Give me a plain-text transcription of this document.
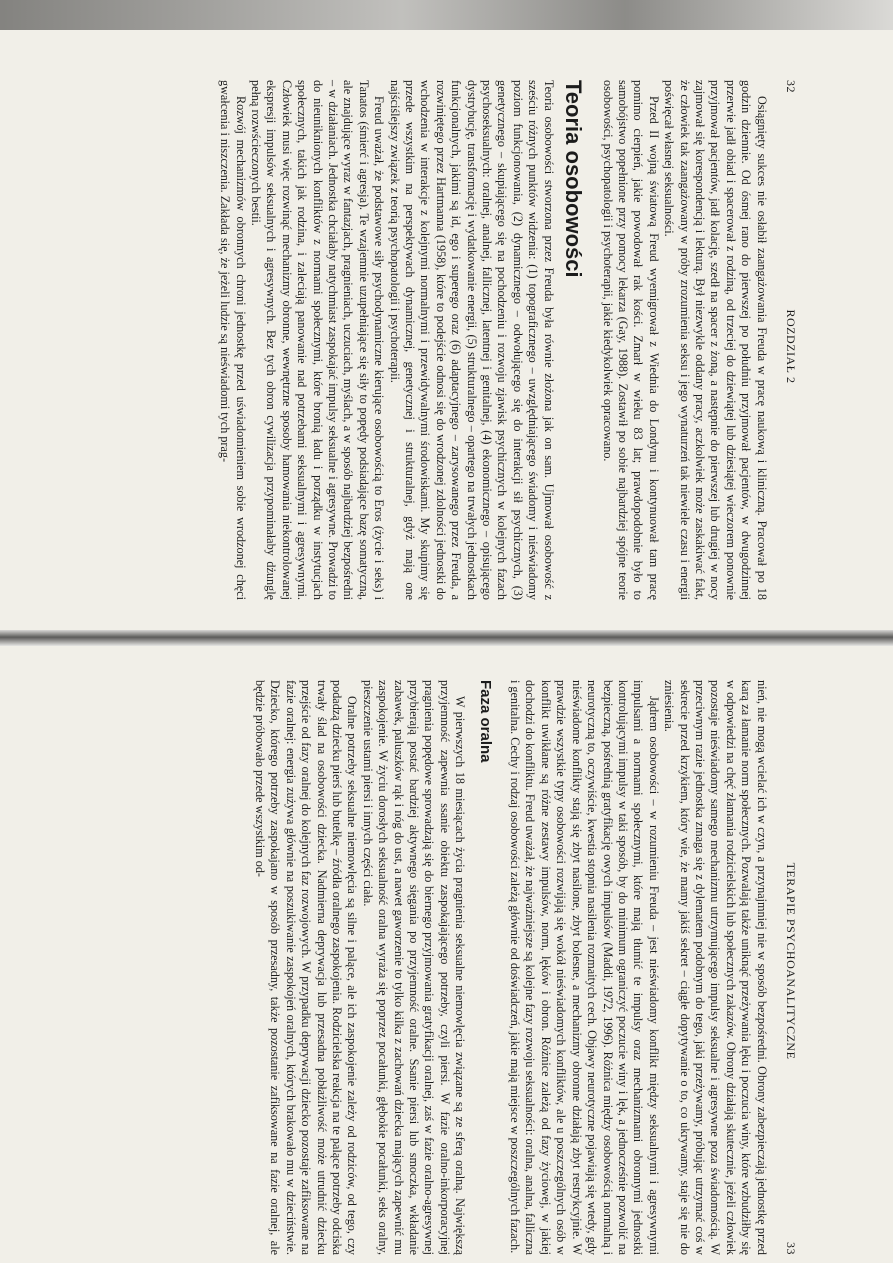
32
ROZDZIAŁ 2

Osiągnięty sukces nie osłabił zaangażowania Freuda w pracę naukową i kliniczną. Pracował po 18 godzin dziennie. Od ósmej rano do pierwszej po południu przyjmował pacjentów, w dwugodzinnej przerwie jadł obiad i spacerował z rodziną, od trzeciej do dziewiątej lub dziesiątej wieczorem ponownie przyjmował pacjentów, jadł kolację, szedł na spacer z żoną, a następnie do pierwszej lub drugiej w nocy zajmował się korespondencją i lekturą. Był niezwykle oddany pracy, aczkolwiek może zaskakiwać fakt, że człowiek tak zaangażowany w próby zrozumienia seksu i jego wynaturzeń tak niewiele czasu i energii poświęcał własnej seksualności.

Przed II wojną światową Freud wyemigrował z Wiednia do Londynu i kontynuował tam pracę pomimo cierpień, jakie powodował rak kości. Zmarł w wieku 83 lat; prawdopodobnie było to samobójstwo popełnione przy pomocy lekarza (Gay, 1988). Zostawił po sobie najbardziej spójne teorie osobowości, psychopatologii i psychoterapii, jakie kiedykolwiek opracowano.

Teoria osobowości

Teoria osobowości stworzona przez Freuda była równie złożona jak on sam. Ujmował osobowość z sześciu różnych punktów widzenia: (1) topograficznego – uwzględniającego świadomy i nieświadomy poziom funkcjonowania, (2) dynamicznego – odwołującego się do interakcji sił psychicznych, (3) genetycznego – skupiającego się na pochodzeniu i rozwoju zjawisk psychicznych w kolejnych fazach psychoseksualnych: oralnej, analnej, fallicznej, latentnej i genitalnej, (4) ekonomicznego – opisującego dystrybucję, transformację i wydatkowanie energii, (5) strukturalnego – opartego na trwałych jednostkach funkcjonalnych, jakimi są id, ego i superego oraz (6) adaptacyjnego – zarysowanego przez Freuda, a rozwiniętego przez Hartmanna (1958), które to podejście odnosi się do wrodzonej zdolności jednostki do wchodzenia w interakcje z kolejnymi normalnymi i przewidywalnymi środowiskami. My skupimy się przede wszystkim na perspektywach dynamicznej, genetycznej i strukturalnej, gdyż mają one najściślejszy związek z teorią psychopatologii i psychoterapii.

Freud uważał, że podstawowe siły psychodynamiczne kierujące osobowością to Eros (życie i seks) i Tanatos (śmierć i agresja). Te wzajemnie uzupełniające się siły to popędy podsiadające bazę somatyczną, ale znajdujące wyraz w fantazjach, pragnieniach, uczuciach, myślach, a w sposób najbardziej bezpośredni – w działaniach. Jednostka chciałaby natychmiast zaspokajać impulsy seksualne i agresywne. Prowadzi to do nieuniknionych konfliktów z normami społecznymi, które bronią ładu i porządku w instytucjach społecznych, takich jak rodzina, i zaleciają panowanie nad potrzebami seksualnymi i agresywnymi. Człowiek musi więc rozwinąć mechanizmy obronne, wewnętrzne sposoby hamowania niekontrolowanej ekspresji impulsów seksualnych i agresywnych. Bez tych obron cywilizacja przypominałaby dżunglę pełną rozwścieczonych bestii.

Rozwój mechanizmów obronnych chroni jednostkę przed uświadomieniem sobie wrodzonej chęci gwałcenia i niszczenia. Zakłada się, że jeżeli ludzie są nieświadomi tych prag-

TERAPIE PSYCHOANALITYCZNE
33

nień, nie mogą wcielać ich w czyn, a przynajmniej nie w sposób bezpośredni. Obrony zabezpieczają jednostkę przed karą za łamanie norm społecznych. Pozwalają także uniknąć przeżywania lęku i poczucia winy, które wzbudziłby się w odpowiedzi na chęć złamania rodzicielskich lub społecznych zakazów. Obrony działają skutecznie, jeżeli człowiek pozostaje nieświadomy samego mechanizmu utrzymującego impulsy seksualne i agresywne poza świadomością. W przeciwnym razie jednostka zmaga się z dylematem podobnym do tego, jaki przeżywamy, próbując utrzymać coś w sekrecie przed krzykiem, który wie, że mamy jakiś sekret – ciągłe dopytywanie o to, co ukrywamy, staje się nie do zniesienia.

Jądrem osobowości – w rozumieniu Freuda – jest nieświadomy konflikt między seksualnymi i agresywnymi impulsami a normami społecznymi, które mają tłumić te impulsy oraz mechanizmami obronnymi jednostki kontrolującymi impulsy w taki sposób, by do minimum ograniczyć poczucie winy i lęk, a jednocześnie pozwolić na bezpieczną, pośrednią gratyfikację owych impulsów (Maddi, 1972, 1996). Różnica między osobowością normalną i neurotyczną to, oczywiście, kwestia stopnia nasilenia rozmaitych cech. Objawy neurotyczne pojawiają się wtedy, gdy nieświadome konflikty stają się zbyt nasilone, zbyt bolesne, a mechanizmy obronne działają zbyt restrykcyjnie. W prawdzie wszystkie typy osobowości rozwijają się wokół nieświadomych konfliktów, ale u poszczególnych osób w konflikt uwikłane są różne zestawy impulsów, norm, lęków i obron. Różnice zależą od fazy życiowej, w jakiej dochodzi do konfliktu. Freud uważał, że najważniejsze są kolejne fazy rozwoju seksualności: oralna, analna, falliczna i genitalna. Cechy i rodzaj osobowości zależą głównie od doświadczeń, jakie mają miejsce w poszczególnych fazach.

Faza oralna

W pierwszych 18 miesiącach życia pragnienia seksualne niemowlęcia związane są ze sferą oralną. Największą przyjemność zapewnia ssanie obiektu zaspokajającego potrzeby, czyli piersi. W fazie oralno-inkorporacyjnej pragnienia popędowe sprowadzają się do biernego przyjmowania gratyfikacji oralnej, zaś w fazie oralno-agresywnej przybierają postać bardziej aktywnego sięgania po przyjemność oralne. Ssanie piersi lub smoczka, wkładanie zabawek, paluszków rąk i nóg do ust, a nawet gaworzenie to tylko kilka z zachowań dziecka mających zapewnić mu zaspokojenie. W życiu dorosłych seksualność oralna wyraża się poprzez pocałunki, głębokie pocałunki, seks oralny, pieszczenie ustami piersi i innych części ciała.

Oralne potrzeby seksualne niemowlęcia są silne i palące, ale ich zaspokojenie zależy od rodziców, od tego, czy podadzą dziecku pierś lub butelkę – źródła oralnego zaspokojenia. Rodzicielska reakcja na te palące potrzeby odciska trwały ślad na osobowości dziecka. Nadmierna deprywacja lub przesadna pobłażliwość może utrudnić dziecku przejście od fazy oralnej do kolejnych faz rozwojowych. W przypadku deprywacji dziecko pozostaje zafiksowane na fazie oralnej: energia zużywa głównie na poszukiwanie zaspokojeń oralnych, których brakowało mu w dzieciństwie. Dziecko, którego potrzeby zaspokajano w sposób przesadny, także pozostanie zafiksowane na fazie oralnej, ale będzie próbowało przede wszystkim od-
